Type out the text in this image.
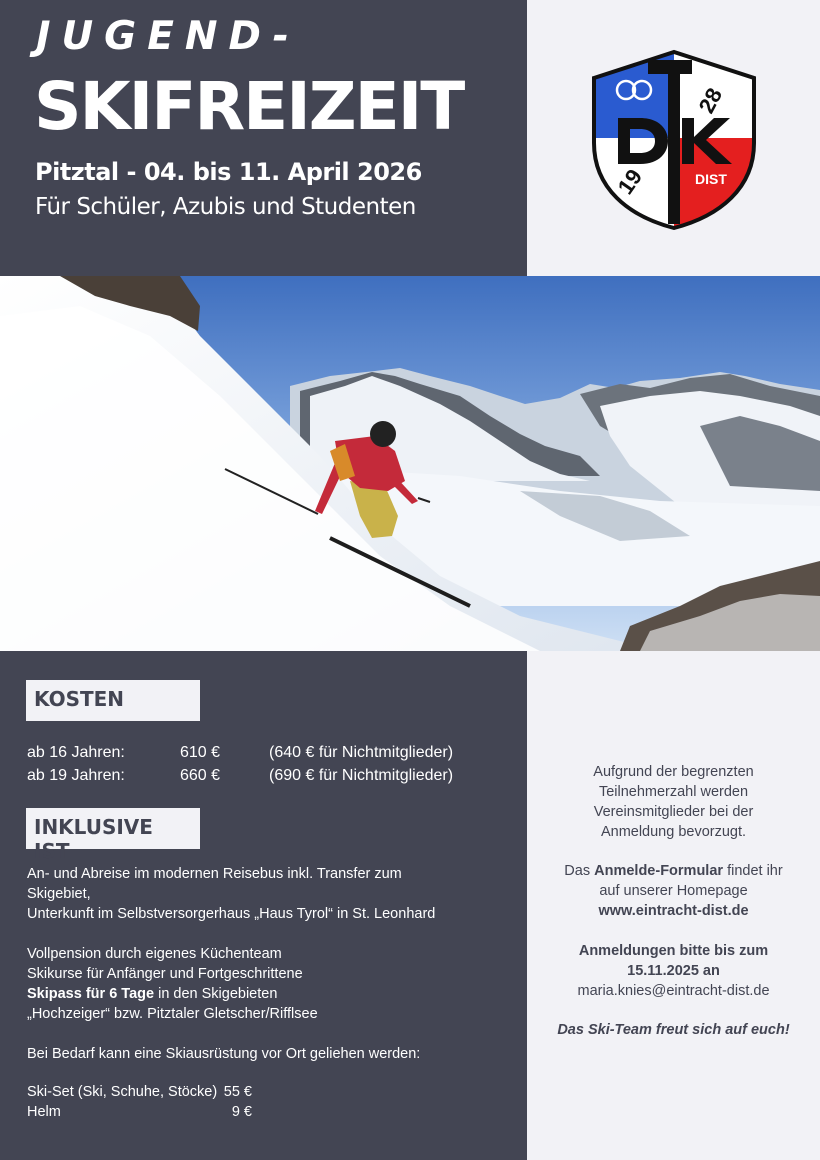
JUGEND-
SKIFREIZEIT
Pitztal - 04. bis 11. April 2026
Für Schüler, Azubis und Studenten
28
19	DIST
KOSTEN
ab 16 Jahren:	610 €	(640 € für Nichtmitglieder)
ab 19 Jahren:	660 €	(690 € für Nichtmitglieder)
INKLUSIVE IST
An- und Abreise im modernen Reisebus inkl. Transfer zum
Skigebiet,
Unterkunft im Selbstversorgerhaus „Haus Tyrol“ in St. Leonhard
Vollpension durch eigenes Küchenteam
Skikurse für Anfänger und Fortgeschrittene
Skipass für 6 Tage in den Skigebieten
„Hochzeiger“ bzw. Pitztaler Gletscher/Rifflsee
Bei Bedarf kann eine Skiausrüstung vor Ort geliehen werden:
Ski-Set (Ski, Schuhe, Stöcke) 55 €
Helm	9 €
Aufgrund der begrenzten
Teilnehmerzahl werden
Vereinsmitglieder bei der
Anmeldung bevorzugt.
Das Anmelde-Formular findet ihr
auf unserer Homepage
www.eintracht-dist.de
Anmeldungen bitte bis zum
15.11.2025 an
maria.knies@eintracht-dist.de
Das Ski-Team freut sich auf euch!
